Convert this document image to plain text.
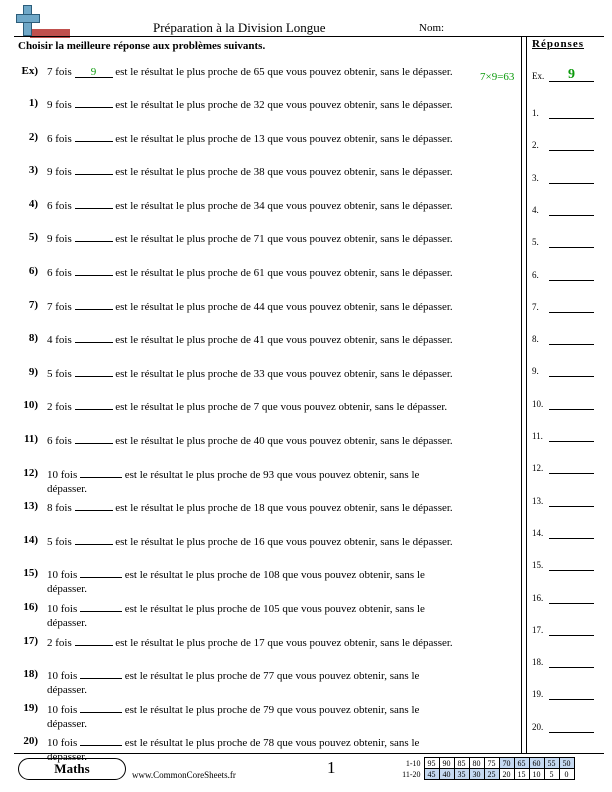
Préparation à la Division Longue	Nom:
Choisir la meilleure réponse aux problèmes suivants.
Ex) 7 fois 9 est le résultat le plus proche de 65 que vous pouvez obtenir, sans le dépasser.	7×9=63
1) 9 fois	est le résultat le plus proche de 32 que vous pouvez obtenir, sans le dépasser.
2) 6 fois	est le résultat le plus proche de 13 que vous pouvez obtenir, sans le dépasser.
3) 9 fois	est le résultat le plus proche de 38 que vous pouvez obtenir, sans le dépasser.
4) 6 fois	est le résultat le plus proche de 34 que vous pouvez obtenir, sans le dépasser.
5) 9 fois	est le résultat le plus proche de 71 que vous pouvez obtenir, sans le dépasser.
6) 6 fois	est le résultat le plus proche de 61 que vous pouvez obtenir, sans le dépasser.
7) 7 fois	est le résultat le plus proche de 44 que vous pouvez obtenir, sans le dépasser.
8) 4 fois	est le résultat le plus proche de 41 que vous pouvez obtenir, sans le dépasser.
9) 5 fois	est le résultat le plus proche de 33 que vous pouvez obtenir, sans le dépasser.
10) 2 fois	est le résultat le plus proche de 7 que vous pouvez obtenir, sans le dépasser.
11) 6 fois	est le résultat le plus proche de 40 que vous pouvez obtenir, sans le dépasser.
12) 10 fois	est le résultat le plus proche de 93 que vous pouvez obtenir, sans le dépasser.
13) 8 fois	est le résultat le plus proche de 18 que vous pouvez obtenir, sans le dépasser.
14) 5 fois	est le résultat le plus proche de 16 que vous pouvez obtenir, sans le dépasser.
15) 10 fois	est le résultat le plus proche de 108 que vous pouvez obtenir, sans le dépasser.
16) 10 fois	est le résultat le plus proche de 105 que vous pouvez obtenir, sans le dépasser.
17) 2 fois	est le résultat le plus proche de 17 que vous pouvez obtenir, sans le dépasser.
18) 10 fois	est le résultat le plus proche de 77 que vous pouvez obtenir, sans le dépasser.
19) 10 fois	est le résultat le plus proche de 79 que vous pouvez obtenir, sans le dépasser.
20) 10 fois	est le résultat le plus proche de 78 que vous pouvez obtenir, sans le dépasser.
Réponses
Ex.	9
1.
2.
3.
4.
5.
6.
7.
8.
9.
10.
11.
12.
13.
14.
15.
16.
17.
18.
19.
20.
Maths	www.CommonCoreSheets.fr	1	1-10	95	90	85	80	75	70	65	60	55	50
11-20	45	40	35	30	25	20	15	10	5	0
